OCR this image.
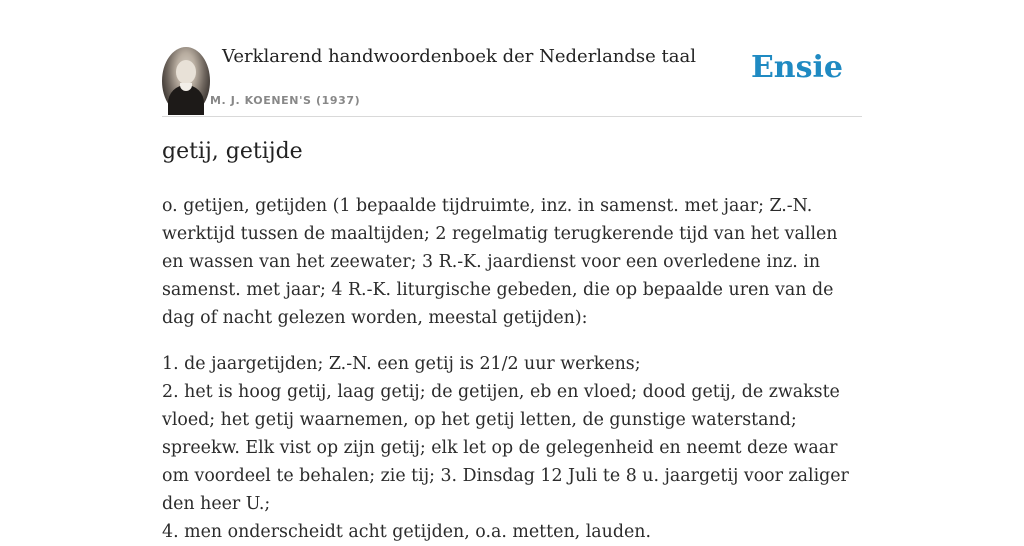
Verklarend handwoordenboek der Nederlandse taal
M. J. KOENEN'S (1937)
Ensie
getij, getijde

o. getijen, getijden (1 bepaalde tijdruimte, inz. in samenst. met jaar; Z.-N. werktijd tussen de maaltijden; 2 regelmatig terugkerende tijd van het vallen en wassen van het zeewater; 3 R.-K. jaardienst voor een overledene inz. in samenst. met jaar; 4 R.-K. liturgische gebeden, die op bepaalde uren van de dag of nacht gelezen worden, meestal getijden):

1. de jaargetijden; Z.-N. een getij is 21/2 uur werkens;
2. het is hoog getij, laag getij; de getijen, eb en vloed; dood getij, de zwakste vloed; het getij waarnemen, op het getij letten, de gunstige waterstand; spreekw. Elk vist op zijn getij; elk let op de gelegenheid en neemt deze waar om voordeel te behalen; zie tij; 3. Dinsdag 12 Juli te 8 u. jaargetij voor zaliger den heer U.;
4. men onderscheidt acht getijden, o.a. metten, lauden.
